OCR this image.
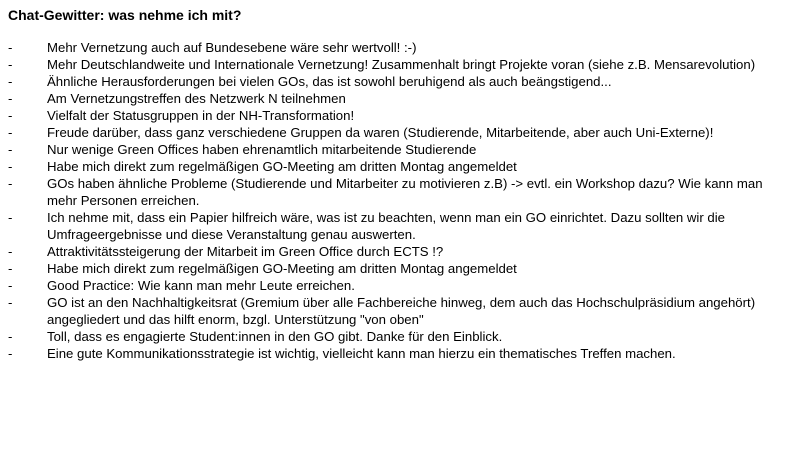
Chat-Gewitter: was nehme ich mit?
-	Mehr Vernetzung auch auf Bundesebene wäre sehr wertvoll! :-)
-	Mehr Deutschlandweite und Internationale Vernetzung! Zusammenhalt bringt Projekte voran (siehe z.B. Mensarevolution)
-	Ähnliche Herausforderungen bei vielen GOs, das ist sowohl beruhigend als auch beängstigend...
-	Am Vernetzungstreffen des Netzwerk N teilnehmen
-	Vielfalt der Statusgruppen in der NH-Transformation!
-	Freude darüber, dass ganz verschiedene Gruppen da waren (Studierende, Mitarbeitende, aber auch Uni-Externe)!
-	Nur wenige Green Offices haben ehrenamtlich mitarbeitende Studierende
-	Habe mich direkt zum regelmäßigen GO-Meeting am dritten Montag angemeldet
-	GOs haben ähnliche Probleme (Studierende und Mitarbeiter zu motivieren z.B) -> evtl. ein Workshop dazu? Wie kann man mehr Personen erreichen.
-	Ich nehme mit, dass ein Papier hilfreich wäre, was ist zu beachten, wenn man ein GO einrichtet. Dazu sollten wir die Umfrageergebnisse und diese Veranstaltung genau auswerten.
-	Attraktivitätssteigerung der Mitarbeit im Green Office durch ECTS !?
-	Habe mich direkt zum regelmäßigen GO-Meeting am dritten Montag angemeldet
-	Good Practice: Wie kann man mehr Leute erreichen.
-	GO ist an den Nachhaltigkeitsrat (Gremium über alle Fachbereiche hinweg, dem auch das Hochschulpräsidium angehört) angegliedert und das hilft enorm, bzgl. Unterstützung "von oben"
-	Toll, dass es engagierte Student:innen in den GO gibt. Danke für den Einblick.
-	Eine gute Kommunikationsstrategie ist wichtig, vielleicht kann man hierzu ein thematisches Treffen machen.
